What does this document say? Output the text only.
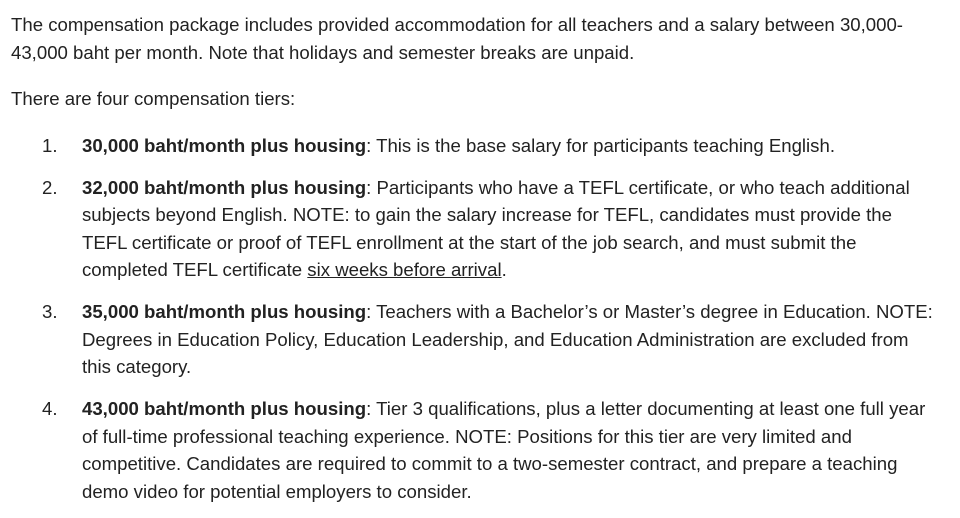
The compensation package includes provided accommodation for all teachers and a salary between 30,000-43,000 baht per month. Note that holidays and semester breaks are unpaid.

There are four compensation tiers:

1. 30,000 baht/month plus housing: This is the base salary for participants teaching English.
2. 32,000 baht/month plus housing: Participants who have a TEFL certificate, or who teach additional subjects beyond English. NOTE: to gain the salary increase for TEFL, candidates must provide the TEFL certificate or proof of TEFL enrollment at the start of the job search, and must submit the completed TEFL certificate six weeks before arrival.
3. 35,000 baht/month plus housing: Teachers with a Bachelor’s or Master’s degree in Education. NOTE: Degrees in Education Policy, Education Leadership, and Education Administration are excluded from this category.
4. 43,000 baht/month plus housing: Tier 3 qualifications, plus a letter documenting at least one full year of full-time professional teaching experience. NOTE: Positions for this tier are very limited and competitive. Candidates are required to commit to a two-semester contract, and prepare a teaching demo video for potential employers to consider.
